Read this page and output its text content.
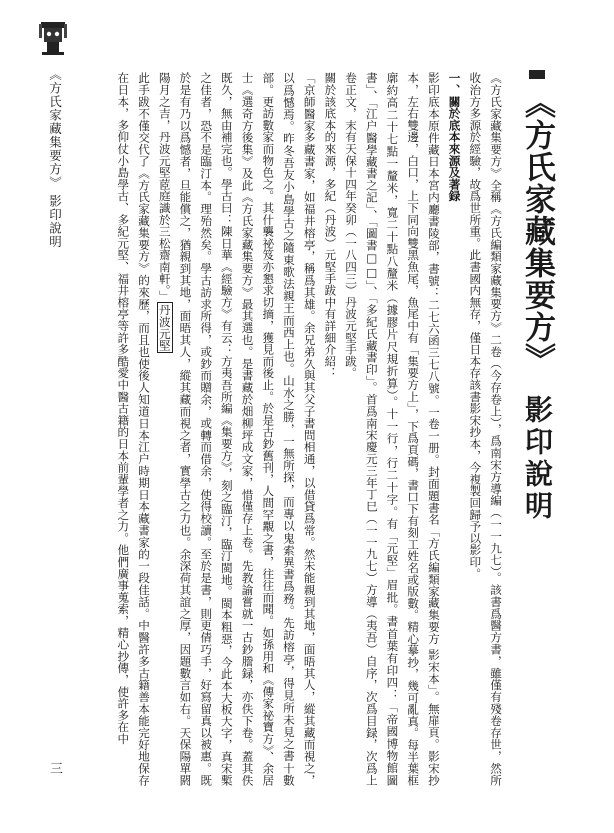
《方氏家藏集要方》 影印說明
三
《方氏家藏集要方》
影印說明

《方氏家藏集要方》全稱《方氏編類家藏集要方》二卷（今存卷上），爲南宋方導編（一一九七）。該書爲醫方書，雖僅有殘卷存世，然所收治方多源於經驗，故爲世所重。此書國内無存，僅日本存該書影宋抄本，今複製回歸予以影印。

一、關於底本來源及著録

影印底本原件藏日本宮内廳書陵部，書號：二七六函三七八號。一卷一册。封面題書名「方氏編類家藏集要方 影宋本」。無扉頁。影宋抄本，左右雙邊，白口，上下同向雙黑魚尾，魚尾中有「集要方上」，下爲頁碼，書口下有刻工姓名或版數。精心摹抄，幾可亂真。每半葉框廓約高二十七點一釐米，寬二十點八釐米（據膠片尺規折算）。十一行，行二十字。有「元堅」眉批。書首葉有印四：「帝國博物館圖書」、「江户醫學藏書之記」、「圖書□□」、「多紀氏藏書印」。首爲南宋慶元三年丁巳（一一九七）方導（夷吾）自序，次爲目録，次爲上卷正文，末有天保十四年癸卯（一八四三）丹波元堅手跋。

關於該底本的來源，多紀（丹波）元堅手跋中有詳細介紹：

「京師醫家多藏書家，如福井榕亭，稱爲其雄。余兄弟久與其父子書問相通，以借貸爲常。然未能親到其地，面晤其人，縱其藏而視之，以爲憾焉。昨冬吾友小島學古之隨東歌法親王而西上也。山水之勝，一無所探，而專以鬼索異書爲務。先訪榕亭，得見所未見之書十數部。更訪數家而物色之。其什襲祕笈亦懇求切摘，獲見而後止。於是古鈔舊刊，人間罕覯之書，往往而聞。如孫用和《傳家祕寶方》、余居士《選奇方後集》及此《方氏家藏集要方》最其選也。是書藏於畑柳坪成文家，惜僅存上卷。先教諭嘗就一古鈔謄録，亦佚下卷。蓋其佚既久，無由補完也。學古曰：陳日華《經驗方》有云：方夷吾所編《集要方》，刻之臨汀，臨汀閩地。閩本粗惡，今此本大板大字，真宋槧之佳者，恐不是臨汀本。理殆然矣。學古訪求所得，或鈔而贈余，或轉而借余，使得校讀。至於是書，則更倩巧手，好寫留真以被惠。既於是有乃以爲憾者，旦能償之，猶親到其地，面晤其人，縱其藏而視之者，實學古之力也。余深荷其誼之厚，因題數言如右。天保陽單閼陽月之吉，丹波元堅茝庭識於三松齋南軒。」丹波元堅

此手跋不僅交代了《方氏家藏集要方》的來歷，而且也使後人知道日本江户時期日本藏書家的一段佳話。中醫許多古籍善本能完好地保存在日本，多仰仗小島學古、多紀元堅、福井榕亭等許多酷愛中醫古籍的日本前輩學者之力。他們廣事蒐索，精心抄傳，使許多在中
